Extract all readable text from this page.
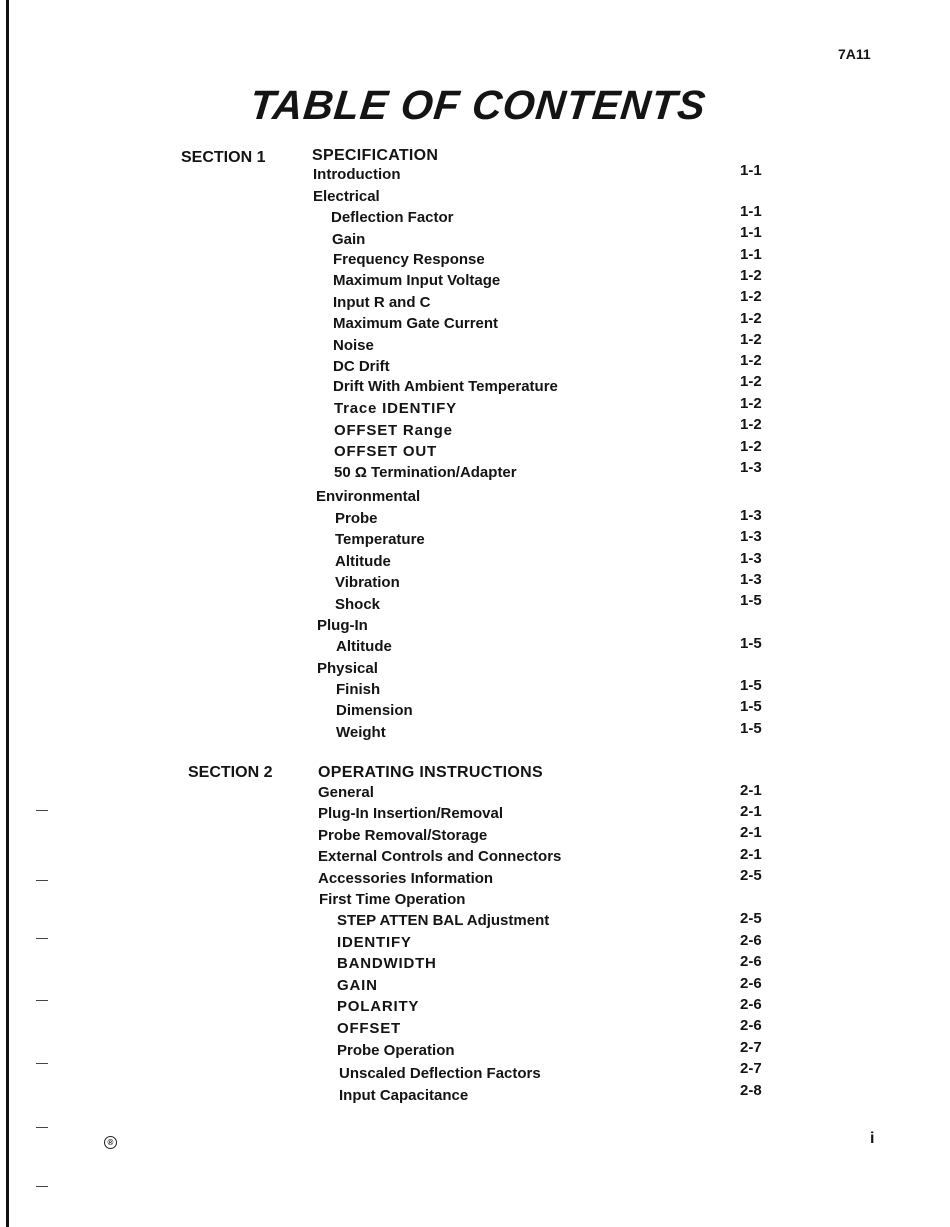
7A11
TABLE OF CONTENTS
SECTION 1	SPECIFICATION
Introduction	1-1
Electrical
Deflection Factor	1-1
Gain	1-1
Frequency Response	1-1
Maximum Input Voltage	1-2
Input R and C	1-2
Maximum Gate Current	1-2
Noise	1-2
DC Drift	1-2
Drift With Ambient Temperature	1-2
Trace IDENTIFY	1-2
OFFSET Range	1-2
OFFSET OUT	1-2
50 Ω Termination/Adapter	1-3
Environmental
Probe	1-3
Temperature	1-3
Altitude	1-3
Vibration	1-3
Shock	1-5
Plug-In
Altitude	1-5
Physical
Finish	1-5
Dimension	1-5
Weight	1-5
SECTION 2	OPERATING INSTRUCTIONS
General	2-1
Plug-In Insertion/Removal	2-1
Probe Removal/Storage	2-1
External Controls and Connectors	2-1
Accessories Information	2-5
First Time Operation
STEP ATTEN BAL Adjustment	2-5
IDENTIFY	2-6
BANDWIDTH	2-6
GAIN	2-6
POLARITY	2-6
OFFSET	2-6
Probe Operation	2-7
Unscaled Deflection Factors	2-7
Input Capacitance	2-8
®	i
